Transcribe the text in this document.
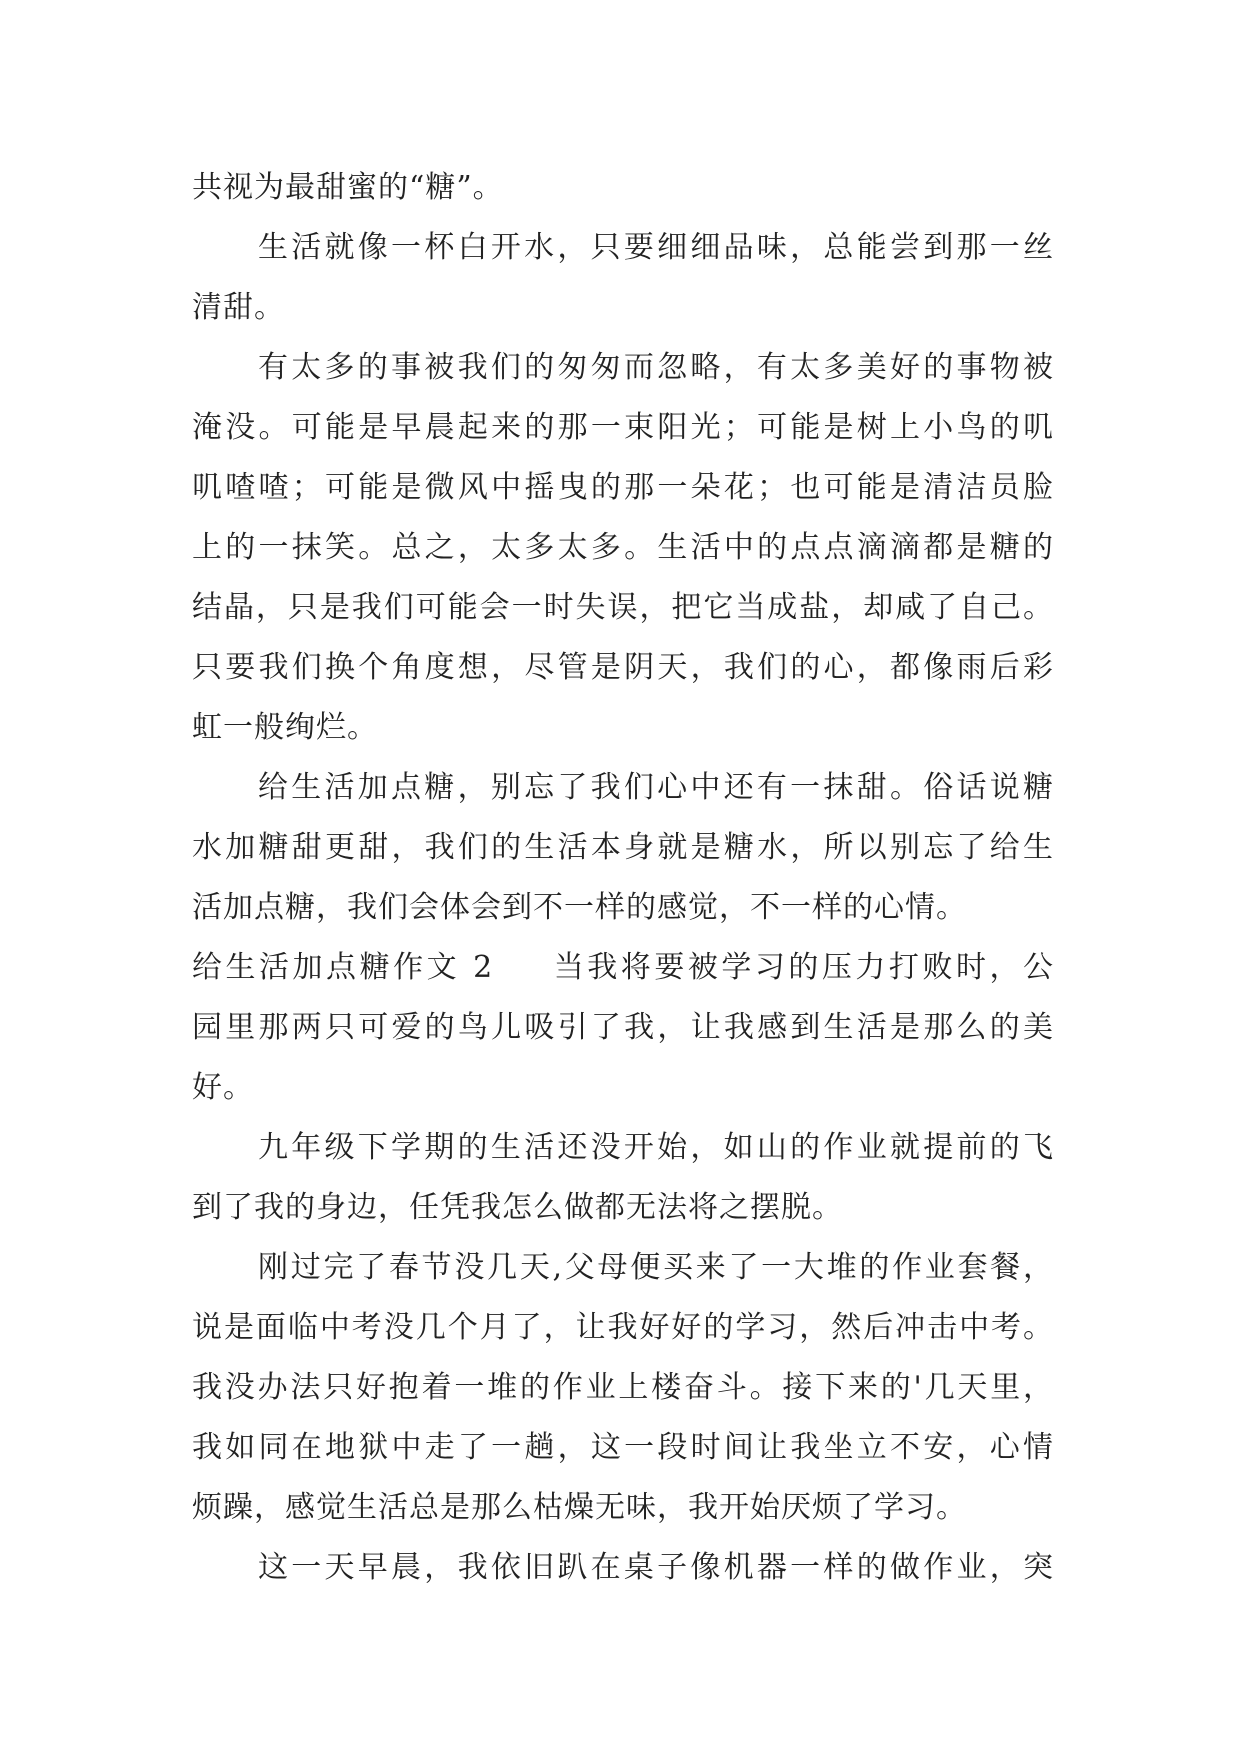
共视为最甜蜜的“糖”。
生活就像一杯白开水，只要细细品味，总能尝到那一丝
清甜。
有太多的事被我们的匆匆而忽略，有太多美好的事物被
淹没。可能是早晨起来的那一束阳光；可能是树上小鸟的叽
叽喳喳；可能是微风中摇曳的那一朵花；也可能是清洁员脸
上的一抹笑。总之，太多太多。生活中的点点滴滴都是糖的
结晶，只是我们可能会一时失误，把它当成盐，却咸了自己。
只要我们换个角度想，尽管是阴天，我们的心，都像雨后彩
虹一般绚烂。
给生活加点糖，别忘了我们心中还有一抹甜。俗话说糖
水加糖甜更甜，我们的生活本身就是糖水，所以别忘了给生
活加点糖，我们会体会到不一样的感觉，不一样的心情。
给生活加点糖作文 2 当我将要被学习的压力打败时，公
园里那两只可爱的鸟儿吸引了我，让我感到生活是那么的美
好。
九年级下学期的生活还没开始，如山的作业就提前的飞
到了我的身边，任凭我怎么做都无法将之摆脱。
刚过完了春节没几天,父母便买来了一大堆的作业套餐，
说是面临中考没几个月了，让我好好的学习，然后冲击中考。
我没办法只好抱着一堆的作业上楼奋斗。接下来的'几天里，
我如同在地狱中走了一趟，这一段时间让我坐立不安，心情
烦躁，感觉生活总是那么枯燥无味，我开始厌烦了学习。
这一天早晨，我依旧趴在桌子像机器一样的做作业，突
